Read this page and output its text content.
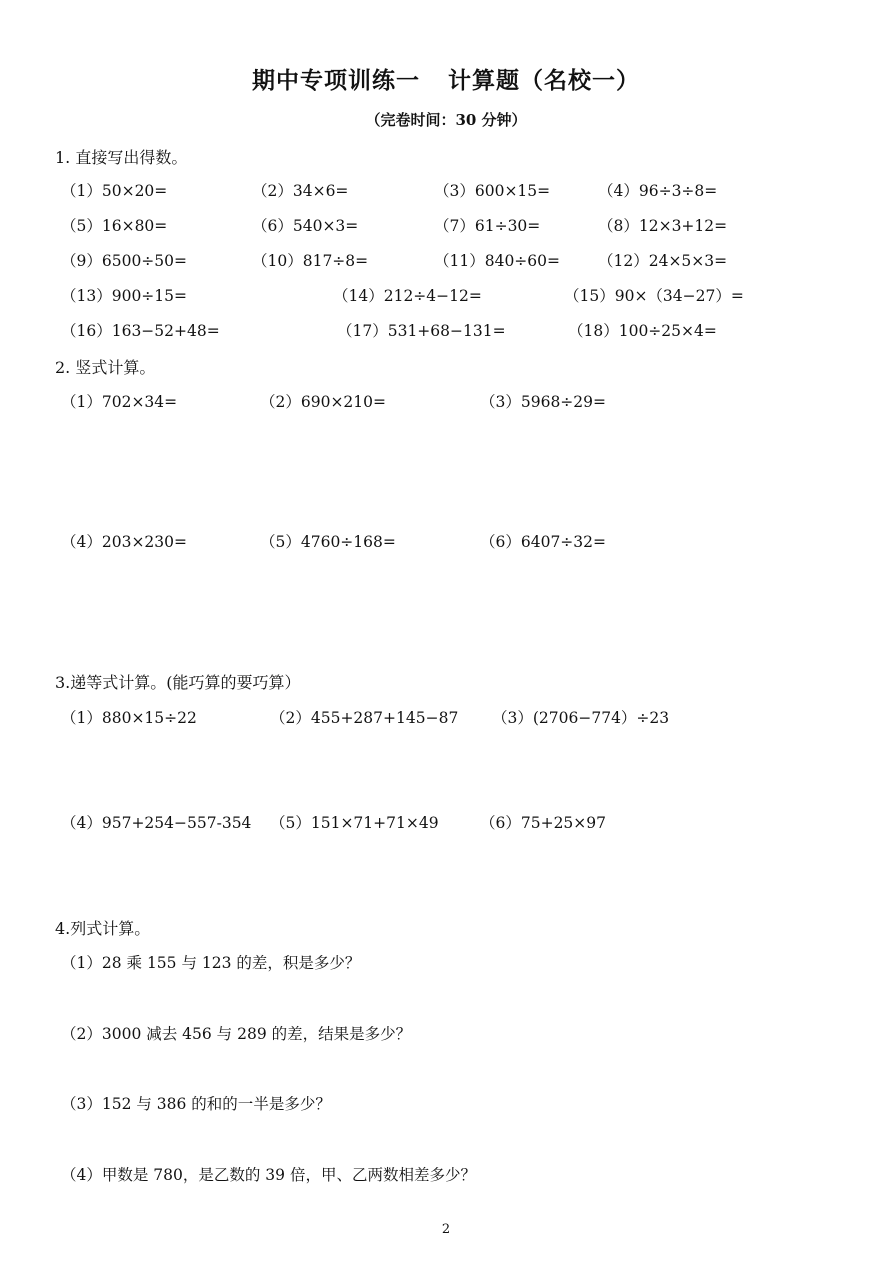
期中专项训练一 计算题（名校一）
（完卷时间：30 分钟）
1. 直接写出得数。
（1）50×20=	（2）34×6=	（3）600×15=	（4）96÷3÷8=
（5）16×80=	（6）540×3=	（7）61÷30=	（8）12×3+12=
（9）6500÷50=	（10）817÷8=	（11）840÷60= （12）24×5×3=
（13）900÷15=	（14）212÷4−12=	（15）90×（34−27）=
（16）163−52+48=	（17）531+68−131=	（18）100÷25×4=
2. 竖式计算。
（1）702×34=	（2）690×210=	（3）5968÷29=
（4）203×230=	（5）4760÷168=	（6）6407÷32=
3.递等式计算。(能巧算的要巧算）
（1）880×15÷22	（2）455+287+145−87 （3）(2706−774）÷23
（4）957+254−557-354 （5）151×71+71×49	（6）75+25×97
4.列式计算。
（1）28 乘 155 与 123 的差，积是多少？
（2）3000 减去 456 与 289 的差，结果是多少？
（3）152 与 386 的和的一半是多少？
（4）甲数是 780，是乙数的 39 倍，甲、乙两数相差多少？
2
